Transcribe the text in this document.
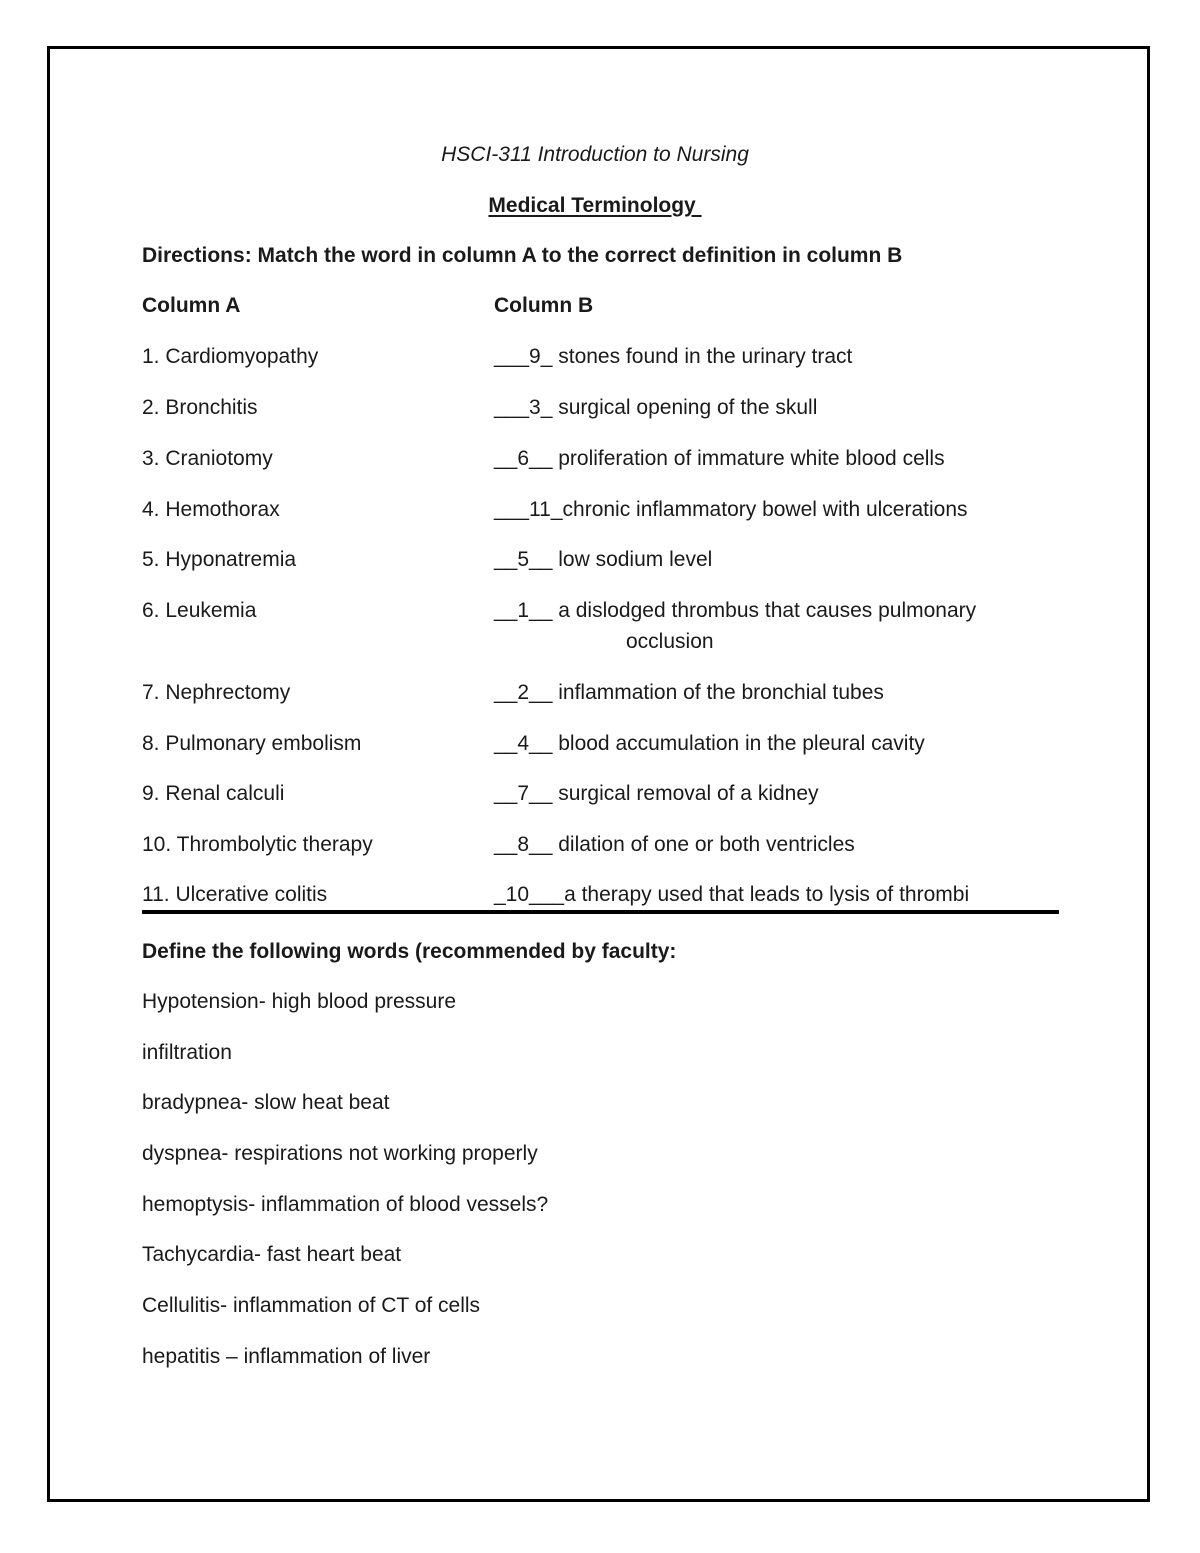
HSCI-311 Introduction to Nursing
Medical Terminology
Directions: Match the word in column A to the correct definition in column B
Column A	Column B
1. Cardiomyopathy
2. Bronchitis
3. Craniotomy
4. Hemothorax
5. Hyponatremia
6. Leukemia
7. Nephrectomy
8. Pulmonary embolism
9. Renal calculi
10. Thrombolytic therapy
11. Ulcerative colitis
___9_ stones found in the urinary tract
___3_ surgical opening of the skull
__6__ proliferation of immature white blood cells
___11_chronic inflammatory bowel with ulcerations
__5__ low sodium level
__1__ a dislodged thrombus that causes pulmonary
occlusion
__2__ inflammation of the bronchial tubes
__4__ blood accumulation in the pleural cavity
__7__ surgical removal of a kidney
__8__ dilation of one or both ventricles
_10___a therapy used that leads to lysis of thrombi
Define the following words (recommended by faculty:
Hypotension- high blood pressure
infiltration
bradypnea- slow heat beat
dyspnea- respirations not working properly
hemoptysis- inflammation of blood vessels?
Tachycardia- fast heart beat
Cellulitis- inflammation of CT of cells
hepatitis – inflammation of liver
